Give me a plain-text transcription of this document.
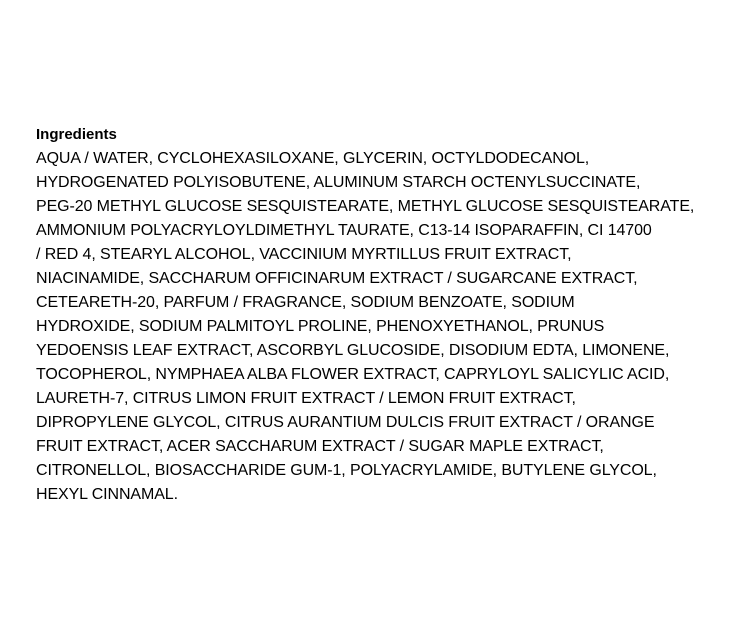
Ingredients
AQUA / WATER, CYCLOHEXASILOXANE, GLYCERIN, OCTYLDODECANOL,
HYDROGENATED POLYISOBUTENE, ALUMINUM STARCH OCTENYLSUCCINATE,
PEG-20 METHYL GLUCOSE SESQUISTEARATE, METHYL GLUCOSE SESQUISTEARATE,
AMMONIUM POLYACRYLOYLDIMETHYL TAURATE, C13-14 ISOPARAFFIN, CI 14700
/ RED 4, STEARYL ALCOHOL, VACCINIUM MYRTILLUS FRUIT EXTRACT,
NIACINAMIDE, SACCHARUM OFFICINARUM EXTRACT / SUGARCANE EXTRACT,
CETEARETH-20, PARFUM / FRAGRANCE, SODIUM BENZOATE, SODIUM
HYDROXIDE, SODIUM PALMITOYL PROLINE, PHENOXYETHANOL, PRUNUS
YEDOENSIS LEAF EXTRACT, ASCORBYL GLUCOSIDE, DISODIUM EDTA, LIMONENE,
TOCOPHEROL, NYMPHAEA ALBA FLOWER EXTRACT, CAPRYLOYL SALICYLIC ACID,
LAURETH-7, CITRUS LIMON FRUIT EXTRACT / LEMON FRUIT EXTRACT,
DIPROPYLENE GLYCOL, CITRUS AURANTIUM DULCIS FRUIT EXTRACT / ORANGE
FRUIT EXTRACT, ACER SACCHARUM EXTRACT / SUGAR MAPLE EXTRACT,
CITRONELLOL, BIOSACCHARIDE GUM-1, POLYACRYLAMIDE, BUTYLENE GLYCOL,
HEXYL CINNAMAL.
